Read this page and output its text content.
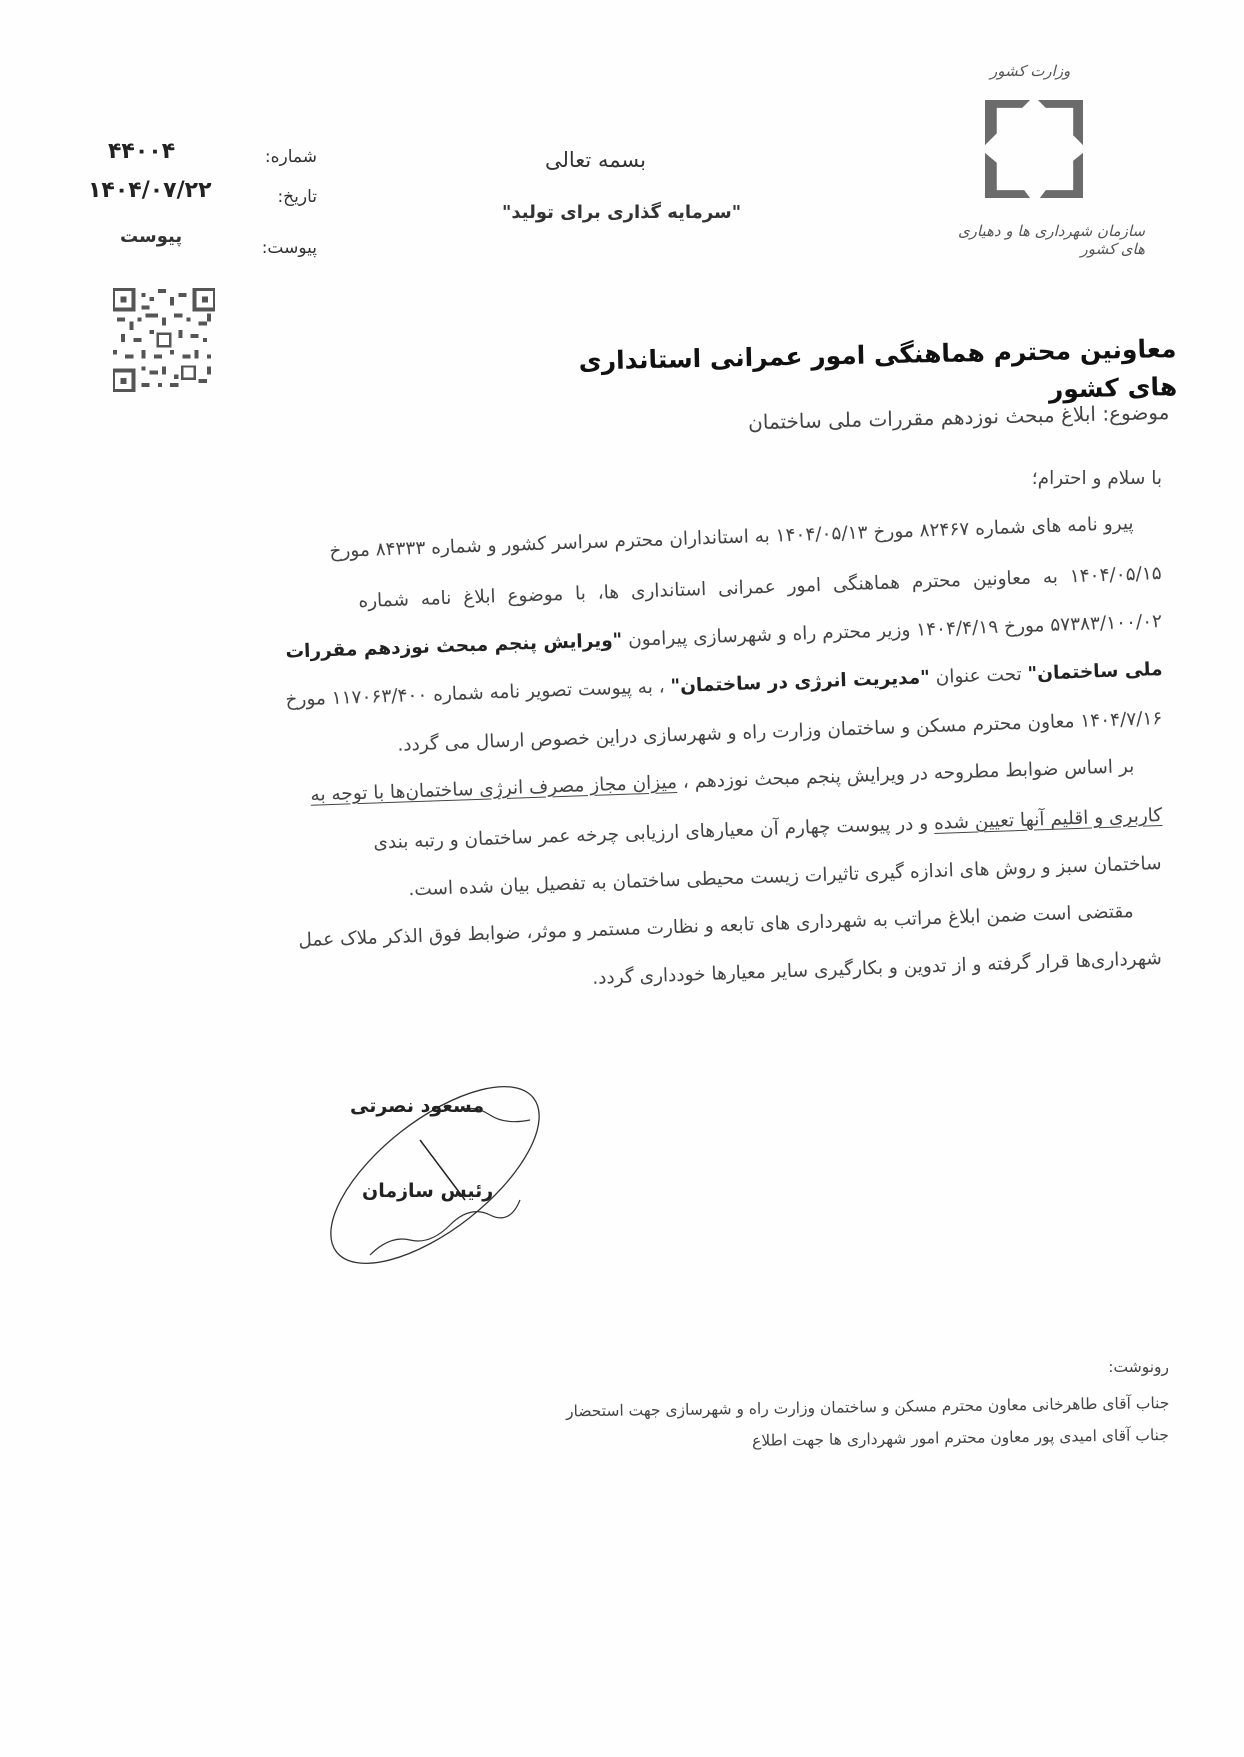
وزارت کشور
سازمان شهرداری ها و دهیاری های کشور
بسمه تعالی
"سرمایه گذاری برای تولید"
شماره:
۴۴۰۰۴
تاریخ:
۱۴۰۴/۰۷/۲۲
پیوست:
پیوست
معاونین محترم هماهنگی امور عمرانی استانداری های کشور
موضوع: ابلاغ مبحث نوزدهم مقررات ملی ساختمان
با سلام و احترام؛
پیرو نامه های شماره ۸۲۴۶۷ مورخ ۱۴۰۴/۰۵/۱۳ به استانداران محترم سراسر کشور و شماره ۸۴۳۳۳ مورخ
۱۴۰۴/۰۵/۱۵ به معاونین محترم هماهنگی امور عمرانی استانداری ها، با موضوع ابلاغ نامه شماره
۵۷۳۸۳/۱۰۰/۰۲ مورخ ۱۴۰۴/۴/۱۹ وزیر محترم راه و شهرسازی پیرامون "ویرایش پنجم مبحث نوزدهم مقررات
ملی ساختمان" تحت عنوان "مدیریت انرژی در ساختمان" ، به پیوست تصویر نامه شماره ۱۱۷۰۶۳/۴۰۰ مورخ
۱۴۰۴/۷/۱۶ معاون محترم مسکن و ساختمان وزارت راه و شهرسازی دراین خصوص ارسال می گردد.
بر اساس ضوابط مطروحه در ویرایش پنجم مبحث نوزدهم ، میزان مجاز مصرف انرژی ساختمان‌ها با توجه به
کاربری و اقلیم آنها تعیین شده و در پیوست چهارم آن معیارهای ارزیابی چرخه عمر ساختمان و رتبه بندی
ساختمان سبز و روش های اندازه گیری تاثیرات زیست محیطی ساختمان به تفصیل بیان شده است.
مقتضی است ضمن ابلاغ مراتب به شهرداری های تابعه و نظارت مستمر و موثر، ضوابط فوق الذکر ملاک عمل
شهرداری‌ها قرار گرفته و از تدوین و بکارگیری سایر معیارها خودداری گردد.
مسعود نصرتی
رئیس سازمان
رونوشت:
جناب آقای طاهرخانی معاون محترم مسکن و ساختمان وزارت راه و شهرسازی جهت استحضار
جناب آقای امیدی پور معاون محترم امور شهرداری ها جهت اطلاع
